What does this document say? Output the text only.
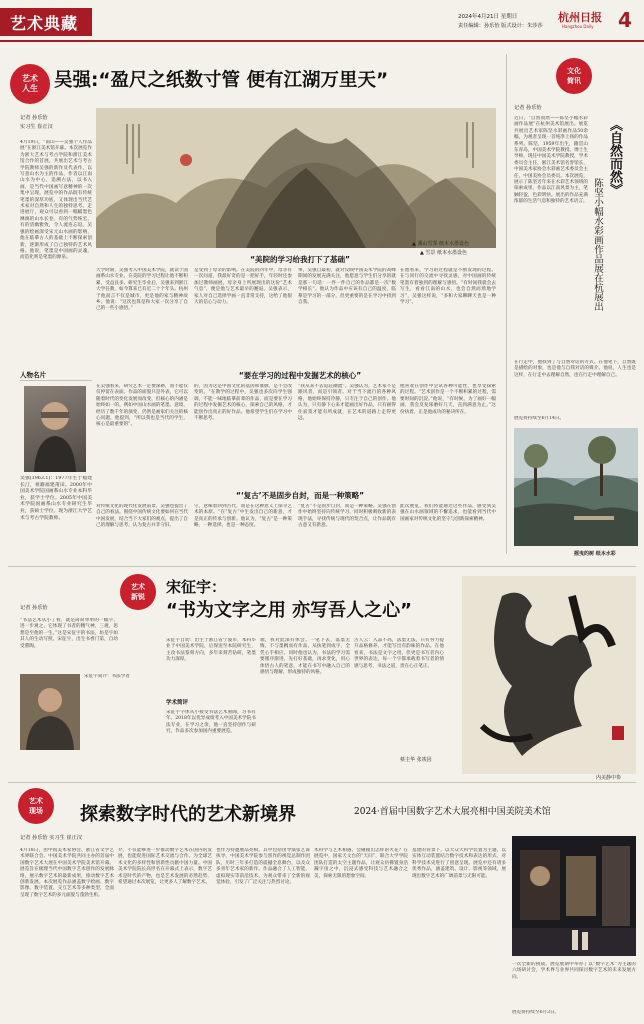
艺术典藏	2024年4月21日 星期日
责任编辑：孙乐怡 版式设计：朱莎莎
杭州日报
Hangzhou Daily 4
艺术
人生 吴强:“盈尺之纸数寸管 便有江湖万里天”
记者 孙乐怡
实习生 崔正汉
4月19日，“南山——吴强个人作品展”在浙江美术馆开幕。本次展览作为浙大艺术与考古学院和浙江美术馆合作的首展，共展出艺术与考古学院教师吴强的新作及代表作，以写意山水为主的作品，作者以江南山水为中心，追溯古法，以书入画，是当代中国画写意精神的一次集中呈现。展览中的作品既有传统笔墨的深厚功底，又体现出当代艺术家对自然和人生的独特思考。走进展厅，观众可以看到一幅幅墨色淋漓的山水长卷，有的气势恢宏，有的清幽雅致，令人流连忘返。吴强的绘画深受宋元山水画的影响，他在临摹古人的基础上不断探索创新，逐渐形成了自己独特的艺术风格。他说，笔墨是中国画的灵魂，而造化则是笔墨的源泉。
▲ 溪山雪霁 纸本水墨设色
▲ 雪景 纸本水墨设色
人物名片
吴强(1963.1)：1977年生于福建长汀，祖籍福建莆田。2000年中国美术学院国画系山水专业本科毕业，获学士学位。2005年中国美术学院国画系山水专业研究生毕业，获硕士学位。现为浙江大学艺术与考古学院教师。
“美院的学习给我打下了基础”
大学时期，吴强考入中国美术学院，就读于国画系山水专业。在美院的学习过程让他不断积累，受益良多。研究生毕业后，吴强来到浙江大学任教，如今算来已有近二十个年头。杭州于他而言不仅是城市，更是他的家与精神故乡。他说：“这次也算是和大家一次分享了自己的一些小感悟。”
是受到了母亲的影响。在美院的四年中，母亲有一次问道，我最好奇的是一把好手，年轻时还参加过教师画展，母亲身上所展现出的这份“艺术气息”，便是他与艺术最早的邂逅。吴强表示，家人对自己选择学画一直非常支持，这给了他很大的信心与动力。
事，吴强自最初，就对反映中国美术学院的高峰期间的发展充满关注，他愿意与学生们分享的就是那一句话：一件一件自己的作品都是一次“数学相长”。他认为作品中应该有自己的温度，临摹是学习的一部分，但更重要的是在学习中找到自我。
在他看来，学习的过程就是不断发现的过程。在与同行的交流中寻找灵感，对中国画的传统笔墨有着独到的理解与感悟。“有时间我就会去写生，看看江南的山水，也会自然而然地学习”，吴强这样说，“多和大家聊聊天也是一种学习”。
“要在学习的过程中发掘艺术的核心”
在吴强看来，研究艺术一定要深耕，而不能仅仅停留在表面。作品的面貌只是外表，它可以随着时代的变化发展而改变，但核心的内涵是始终如一的。例如中国山水画的笔墨、意境，经历了数千年的演变，仍然是画家们关注的核心问题，他提到，“所以我也是当代的学生，核心是最重要的”。
的，因为这是中国文化的基因和血脉，是不会改变的。“在教学的过程中，吴强也多次向学生强调，不能一味地临摹前辈的作品，而是要在学习的过程中发掘艺术的核心，探索自己的风格，才能创作出真正的好作品。他希望学生们在学习中不断思考。
“我从来不去追赶潮流”。吴强认为，艺术家不是跟风者，而是引领者。对于当下流行的各种风格，他始终保持冷静，只专注于自己的创作。他认为，只有静下心来才能画出好作品，只有耐得住寂寞才能有所成就，在艺术的道路上走得更远。
他喜欢在创作中尝试各种可能性，也享受探索的过程。“艺术创作是一个不断积累的过程，需要时间的沉淀。”他说，“有时候，为了画好一幅画，我会反复琢磨好几天，直到满意为止。”这份执着，正是他成功的秘诀所在。
“‘复古’不是固步自封，而是一种策略”
对传统文化的现代化发展前景，吴强也提出了自己的看法。围绕中国传统文化要如何在当代中国发展，结合当下大家们的观点，提出了自己的理解与思考，认为复古并非守旧。
守，意味着回到古代，而是在这种意义上探寻艺术的本原。“在“复古”中生发出自己的新意，才是真正的传承与创新。他认为，“复古”是一种策略，一种选择，也是一种态度。
“复古”不是固步自封，而是一种策略。吴强在创作中始终坚持向传统学习，同时积极吸收新的表现手法，寻找传统与现代的契合点，让作品既有古意又有新意。
此次展览，我们将能通过这些作品，感受到吴强在山水画领域的不懈追求，也能看到当代中国画家对传统文化的坚守与创新探索精神。
文化
简讯
记者 孙乐怡
近日，“自然而然——陈坚小幅水彩画作品展”在杭州美术馆展出。展览共展出艺术家陈坚水彩画作品50余幅，为观者呈现一首纯净上扬的作品系列。陈坚，1959年出生，籍贯山东青岛，中国美术学院教授、博士生导师，现任中国美术学院教授，学术委员会主任，浙江美术馆名誉馆长，中国美术家协会水彩画艺术委员会主任，中国美协会员委员。本次展览，展示了陈坚近年来在水彩艺术领域的探索成果，作品以江南风景为主，笔触轻盈，色彩明快。展出的作品充满浓郁的生活气息和独特的艺术语言。
《自然而然》
陈坚小幅水彩画作品展在杭展出
在行走中，他找到了与自然对话的方式。在他笔下，自然既是描绘的对象，也是他与自我对话的媒介。他说，人生也是这样，在行走中去理解自然，也在行走中理解自己。
展览将持续至6月14日。
摇曳的树 纸本水彩
艺术
新锐
宋征宇：
“书为文字之用 亦写吾人之心”
记者 孙乐怡
“书法艺术从小了看，就是简简单单的一幅字，进一步观之，它体现了书者的精气神，三观，思想是至他的一生。”这是宋征宇的书法，坊是宇如其人的生动写照。宋征宇，出生书香门第，自幼受熏陶。
宋征宇简介：书法学者
宋征宇自幼：出生于浙江省宁波市，本科毕业于中国美术学院，后保送至本院研究生，主攻书法篆刻方向，多年来刻苦钻研，笔墨功力深厚。
学术简评
宋征宇字体从小接受书法艺术熏陶，习书有年。2018年以优异成绩考入中国美术学院书法专业，在学习之余，他一直坚持创作与研究，作品多次参加国内重要展览。
端，我对此深有体会。一笔下去，落墨无悔，不与墨稠而有作品，从执笔到成字，全凭心手相应。同时他也认为，书法的学习需要循序渐进，先打好基础，再求变化，用心体悟古人的笔意，才能在书写中融入自己的感悟与理解，形成独特的风格。
古人云：入品不高，落墨无法。只有努力提升品格修养，才能写出有韵味的作品。在他看来，书法是文字之用，但更是书写者内心世界的表达，每一个字都承载着书写者的情感与思考，书法之道，贵在心正笔正。
蔡圭华 张竣因
内美静中参
艺术
现场	探索数字时代的艺术新境界	2024·首届中国数字艺术大展亮相中国美院美术馆
记者 孙乐怡 实习生 崔正汉
4月18日，由中国美术家协会、浙江省文学艺术界联合会、中国美术学院共同主办的首届中国数字艺术大展在中国美术学院美术馆开幕。展览旨在梳理当代中国数字艺术创作的发展脉络，展示数字艺术的最新成果，推动数字艺术创新发展。本次展览作品涵盖数字绘画、数字影像、数字装置、交互艺术等多种类型，全面呈现了数字艺术的多元面貌与蓬勃生机。
介，不仅能够进一步推动数字艺术在国内的发展，也能促进国际艺术交流与合作。为全球艺术文化的多样性和创新性贡献中国力量。中国美术学院院长高世名在开幕式上表示，数字艺术是时代的产物，也是艺术发展的必然趋势，希望通过本次展览，让更多人了解数字艺术。
也作为特邀展品亮相。其中包括由导演张艺谋执导、中国美术学院参与创作的视觉总制作团队，历时三年多打造的震撼全息舞台，以及众多青年艺术家的新作。作品融合了人工智能、虚拟现实等前沿技术，为观众带来了全新的视觉体验，引发了广泛关注与热烈讨论。
术科学与艺术相遇，会碰撞出怎样的火花？在展览中，国家天文台的“天问”，联合大学学院团队打造的太空主题作品，让观众仿佛置身浩瀚宇宙之中，沉浸式感受科技与艺术融合之美，探索无限的想象空间。
基建的背景下，以大众大科学装置为主题，以实体互动装置结合数字技术和表达的形式，对科学技术史进行了创意呈现。展览中还有诸多优秀作品，涵盖建筑、设计、影视等领域，展现出数字艺术的广阔前景与无限可能。
一次全新的挑战。展览展期中举办了以“数字艺术”为主题的六场研讨会，学术界与业界共同探讨数字艺术的未来发展方向。
展览将持续至6月3日。
